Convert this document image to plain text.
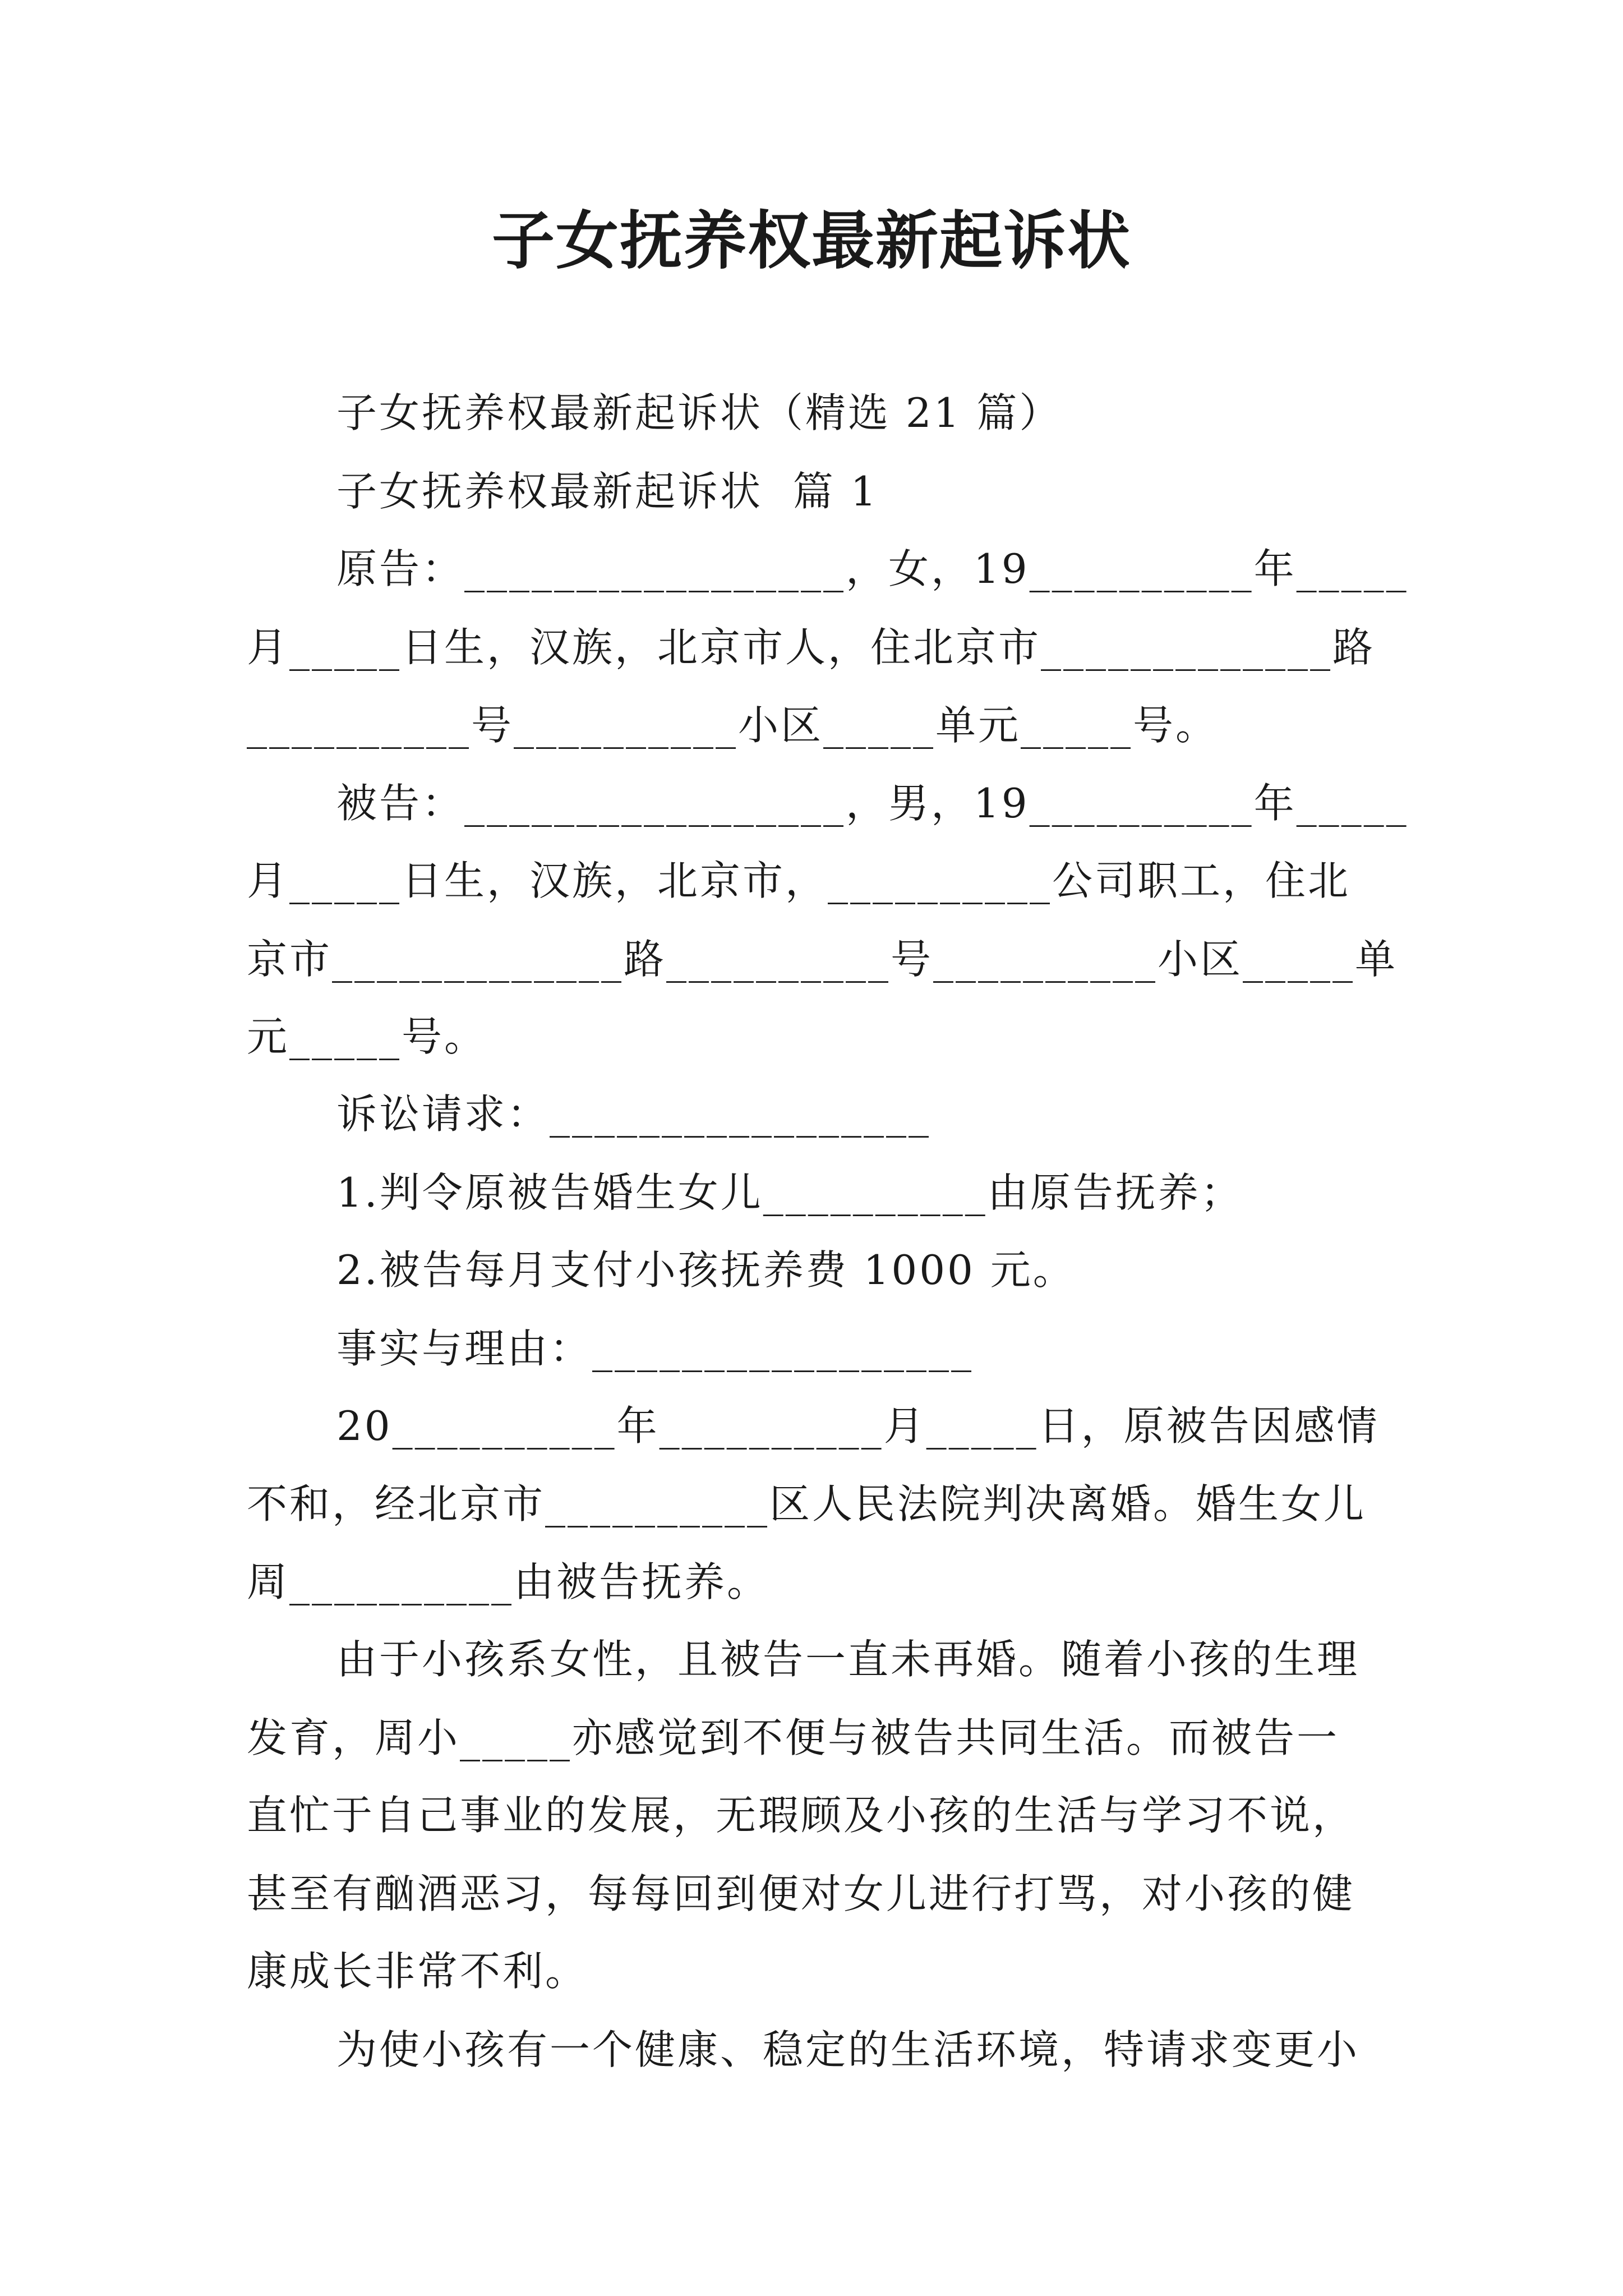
子女抚养权最新起诉状
子女抚养权最新起诉状（精选 21 篇）
子女抚养权最新起诉状  篇 1
原告：_________________，女，19__________年_____
月_____日生，汉族，北京市人，住北京市_____________路
__________号__________小区_____单元_____号。
被告：_________________，男，19__________年_____
月_____日生，汉族，北京市，__________公司职工，住北
京市_____________路__________号__________小区_____单
元_____号。
诉讼请求：_________________
1.判令原被告婚生女儿__________由原告抚养；
2.被告每月支付小孩抚养费 1000 元。
事实与理由：_________________
20__________年__________月_____日，原被告因感情
不和，经北京市__________区人民法院判决离婚。婚生女儿
周__________由被告抚养。
由于小孩系女性，且被告一直未再婚。随着小孩的生理
发育，周小_____亦感觉到不便与被告共同生活。而被告一
直忙于自己事业的发展，无瑕顾及小孩的生活与学习不说，
甚至有酗酒恶习，每每回到便对女儿进行打骂，对小孩的健
康成长非常不利。
为使小孩有一个健康、稳定的生活环境，特请求变更小
